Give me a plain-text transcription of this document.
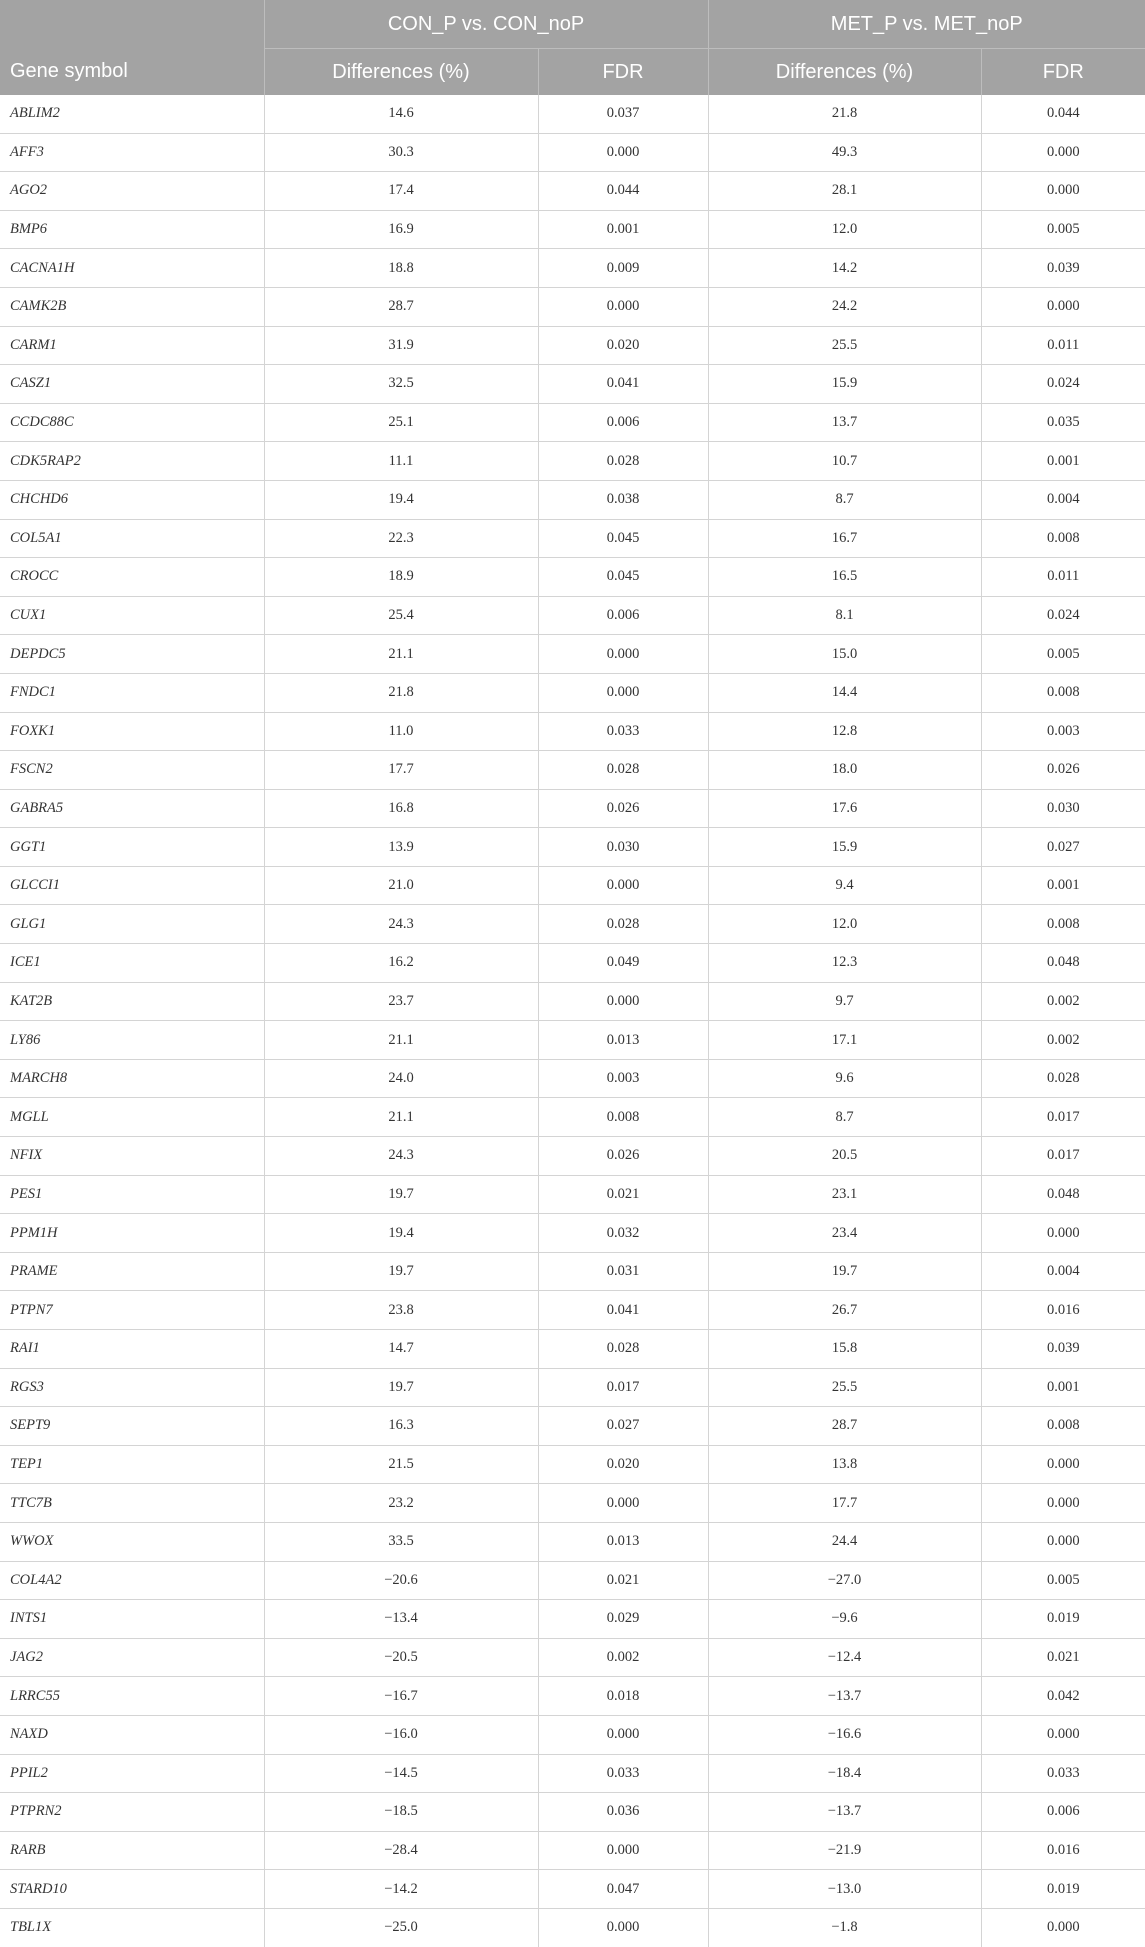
	CON_P vs. CON_noP		MET_P vs. MET_noP	
Gene symbol	Differences (%)	FDR	Differences (%)	FDR
ABLIM2	14.6	0.037	21.8	0.044
AFF3	30.3	0.000	49.3	0.000
AGO2	17.4	0.044	28.1	0.000
BMP6	16.9	0.001	12.0	0.005
CACNA1H	18.8	0.009	14.2	0.039
CAMK2B	28.7	0.000	24.2	0.000
CARM1	31.9	0.020	25.5	0.011
CASZ1	32.5	0.041	15.9	0.024
CCDC88C	25.1	0.006	13.7	0.035
CDK5RAP2	11.1	0.028	10.7	0.001
CHCHD6	19.4	0.038	8.7	0.004
COL5A1	22.3	0.045	16.7	0.008
CROCC	18.9	0.045	16.5	0.011
CUX1	25.4	0.006	8.1	0.024
DEPDC5	21.1	0.000	15.0	0.005
FNDC1	21.8	0.000	14.4	0.008
FOXK1	11.0	0.033	12.8	0.003
FSCN2	17.7	0.028	18.0	0.026
GABRA5	16.8	0.026	17.6	0.030
GGT1	13.9	0.030	15.9	0.027
GLCCI1	21.0	0.000	9.4	0.001
GLG1	24.3	0.028	12.0	0.008
ICE1	16.2	0.049	12.3	0.048
KAT2B	23.7	0.000	9.7	0.002
LY86	21.1	0.013	17.1	0.002
MARCH8	24.0	0.003	9.6	0.028
MGLL	21.1	0.008	8.7	0.017
NFIX	24.3	0.026	20.5	0.017
PES1	19.7	0.021	23.1	0.048
PPM1H	19.4	0.032	23.4	0.000
PRAME	19.7	0.031	19.7	0.004
PTPN7	23.8	0.041	26.7	0.016
RAI1	14.7	0.028	15.8	0.039
RGS3	19.7	0.017	25.5	0.001
SEPT9	16.3	0.027	28.7	0.008
TEP1	21.5	0.020	13.8	0.000
TTC7B	23.2	0.000	17.7	0.000
WWOX	33.5	0.013	24.4	0.000
COL4A2	−20.6	0.021	−27.0	0.005
INTS1	−13.4	0.029	−9.6	0.019
JAG2	−20.5	0.002	−12.4	0.021
LRRC55	−16.7	0.018	−13.7	0.042
NAXD	−16.0	0.000	−16.6	0.000
PPIL2	−14.5	0.033	−18.4	0.033
PTPRN2	−18.5	0.036	−13.7	0.006
RARB	−28.4	0.000	−21.9	0.016
STARD10	−14.2	0.047	−13.0	0.019
TBL1X	−25.0	0.000	−1.8	0.000
